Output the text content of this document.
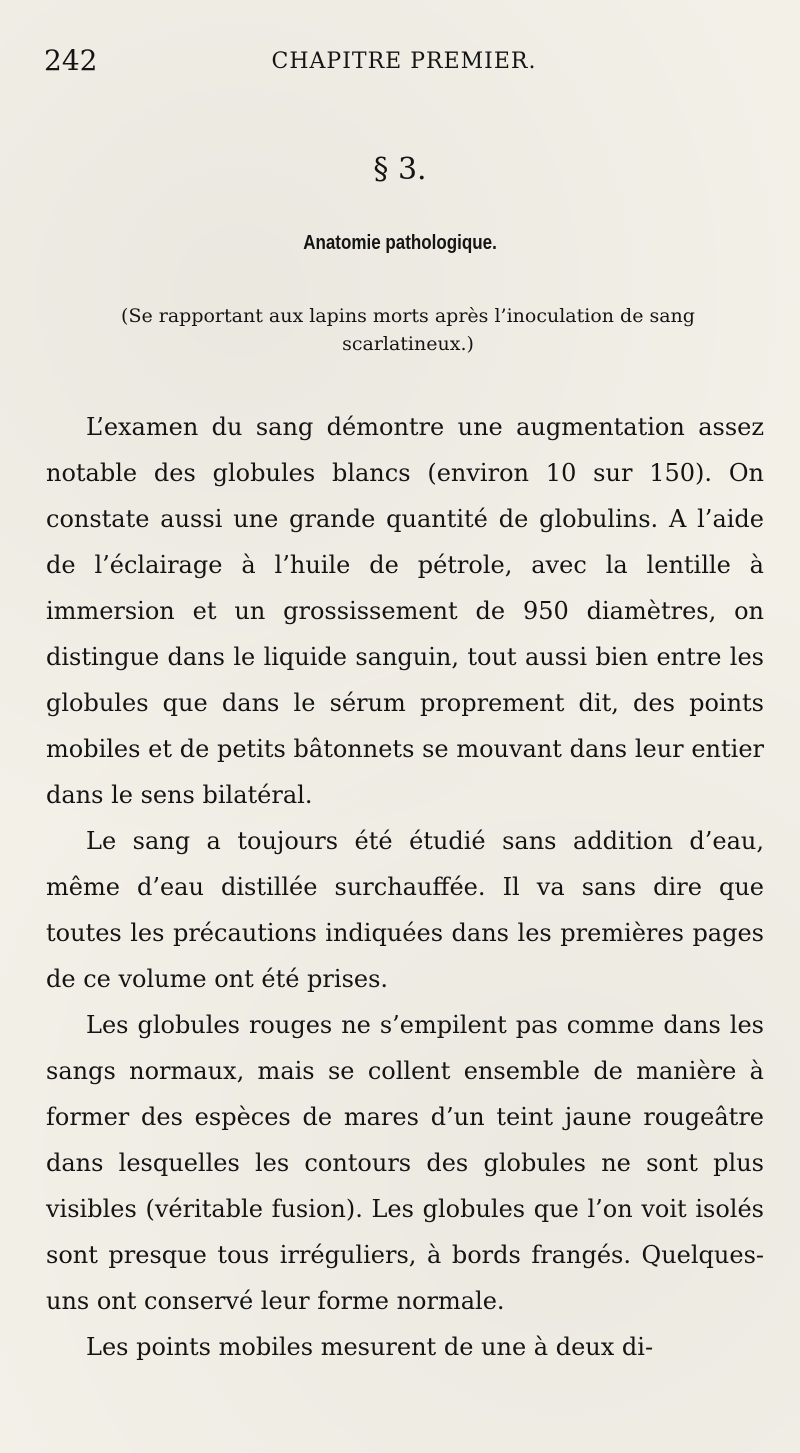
242	CHAPITRE PREMIER.
§ 3.
Anatomie pathologique.
(Se rapportant aux lapins morts après l’inoculation de sang scarlatineux.)

L’examen du sang démontre une augmentation assez notable des globules blancs (environ 10 sur 150). On constate aussi une grande quantité de globulins. A l’aide de l’éclairage à l’huile de pétrole, avec la lentille à immersion et un grossissement de 950 diamètres, on distingue dans le liquide sanguin, tout aussi bien entre les globules que dans le sérum proprement dit, des points mobiles et de petits bâtonnets se mouvant dans leur entier dans le sens bilatéral.

Le sang a toujours été étudié sans addition d’eau, même d’eau distillée surchauffée. Il va sans dire que toutes les précautions indiquées dans les premières pages de ce volume ont été prises.

Les globules rouges ne s’empilent pas comme dans les sangs normaux, mais se collent ensemble de manière à former des espèces de mares d’un teint jaune rougeâtre dans lesquelles les contours des globules ne sont plus visibles (véritable fusion). Les globules que l’on voit isolés sont presque tous irréguliers, à bords frangés. Quelques-uns ont conservé leur forme normale.

Les points mobiles mesurent de une à deux di-
